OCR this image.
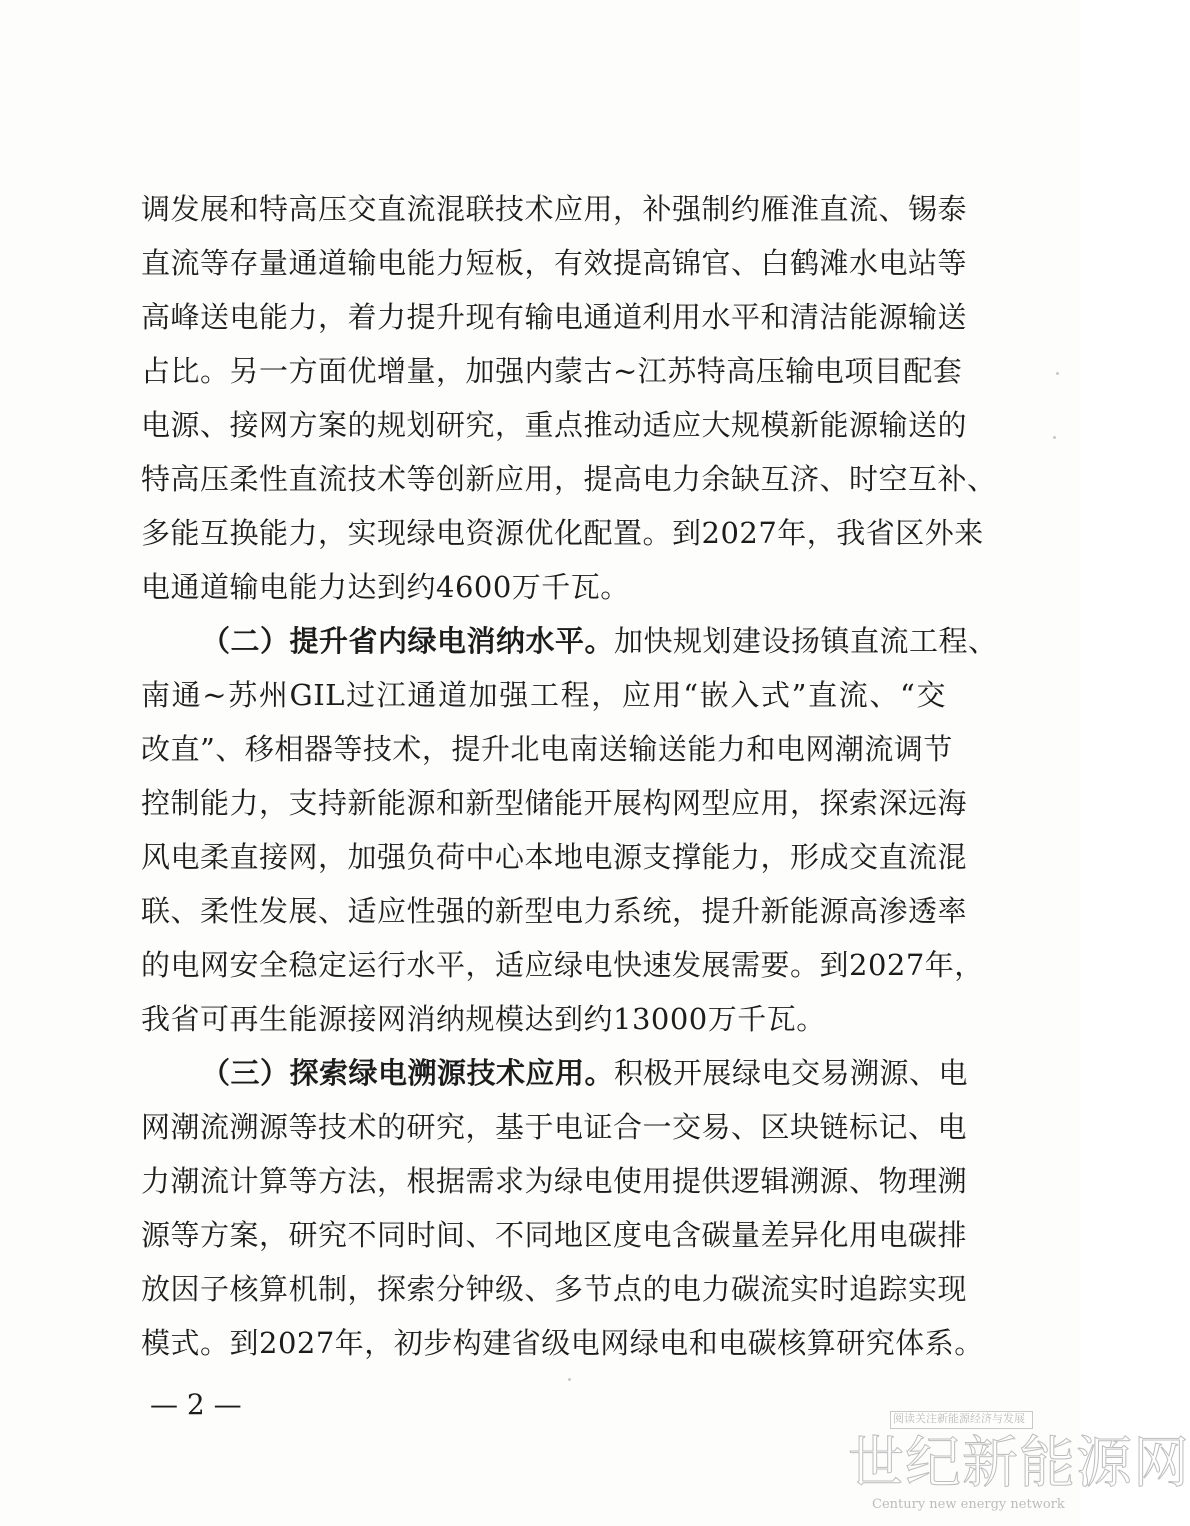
调发展和特高压交直流混联技术应用，补强制约雁淮直流、锡泰
直流等存量通道输电能力短板，有效提高锦官、白鹤滩水电站等
高峰送电能力，着力提升现有输电通道利用水平和清洁能源输送
占比。另一方面优增量，加强内蒙古~江苏特高压输电项目配套
电源、接网方案的规划研究，重点推动适应大规模新能源输送的
特高压柔性直流技术等创新应用，提高电力余缺互济、时空互补、
多能互换能力，实现绿电资源优化配置。到2027年，我省区外来
电通道输电能力达到约4600万千瓦。
（二）提升省内绿电消纳水平。加快规划建设扬镇直流工程、
南通~苏州GIL过江通道加强工程，应用“嵌入式”直流、“交
改直”、移相器等技术，提升北电南送输送能力和电网潮流调节
控制能力，支持新能源和新型储能开展构网型应用，探索深远海
风电柔直接网，加强负荷中心本地电源支撑能力，形成交直流混
联、柔性发展、适应性强的新型电力系统，提升新能源高渗透率
的电网安全稳定运行水平，适应绿电快速发展需要。到2027年，
我省可再生能源接网消纳规模达到约13000万千瓦。
（三）探索绿电溯源技术应用。积极开展绿电交易溯源、电
网潮流溯源等技术的研究，基于电证合一交易、区块链标记、电
力潮流计算等方法，根据需求为绿电使用提供逻辑溯源、物理溯
源等方案，研究不同时间、不同地区度电含碳量差异化用电碳排
放因子核算机制，探索分钟级、多节点的电力碳流实时追踪实现
模式。到2027年，初步构建省级电网绿电和电碳核算研究体系。
— 2 —	阅读关注新能源经济与发展
世纪新能源网
Century new energy network
